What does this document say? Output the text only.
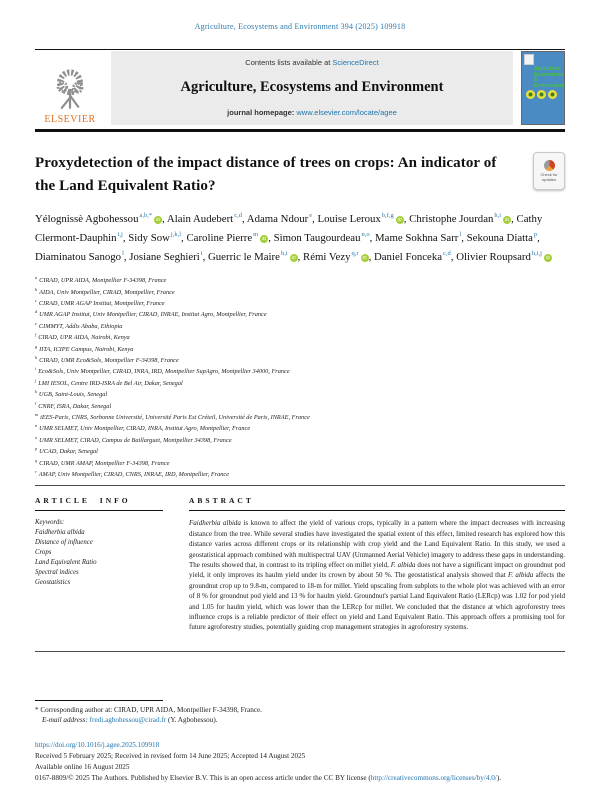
Agriculture, Ecosystems and Environment 394 (2025) 109918
ELSEVIER
Contents lists available at ScienceDirect
Agriculture, Ecosystems and Environment
journal homepage: www.elsevier.com/locate/agee
Agriculture Ecosystems & Environment
Proxydetection of the impact distance of trees on crops: An indicator of the Land Equivalent Ratio?
Check for
updates
Yélognissè Agbohessou$^{a,b,*}$iD , Alain Audebert$^{c,d}$, Adama Ndour$^e$, Louise Leroux$^{b,f,g}$iD , Christophe Jourdan$^{h,i}$iD , Cathy Clermont-Dauphin$^{i,j}$, Sidy Sow$^{j,k,l}$, Caroline Pierre$^m$iD , Simon Taugourdeau$^{n,o}$, Mame Sokhna Sarr$^l$, Sekouna Diatta$^p$, Diaminatou Sanogo$^l$, Josiane Seghieri$^i$, Guerric le Maire$^{h,i}$iD , Rémi Vezy$^{q,r}$iD , Daniel Fonceka$^{c,d}$, Olivier Roupsard$^{h,i,j}$iD
$^a$ CIRAD, UPR AIDA, Montpellier F-34398, France
$^b$ AIDA, Univ Montpellier, CIRAD, Montpellier, France
$^c$ CIRAD, UMR AGAP Institut, Montpellier, France
$^d$ UMR AGAP Institut, Univ Montpellier, CIRAD, INRAE, Institut Agro, Montpellier, France
$^e$ CIMMYT, Addis Ababa, Ethiopia
$^f$ CIRAD, UPR AIDA, Nairobi, Kenya
$^g$ IITA, ICIPE Campus, Nairobi, Kenya
$^h$ CIRAD, UMR Eco&Sols, Montpellier F-34398, France
$^i$ Eco&Sols, Univ Montpellier, CIRAD, INRA, IRD, Montpellier SupAgro, Montpellier 34000, France
$^j$ LMI IESOL, Centre IRD-ISRA de Bel Air, Dakar, Senegal
$^k$ UGB, Saint-Louis, Senegal
$^l$ CNRF, ISRA, Dakar, Senegal
$^m$ iEES-Paris, CNRS, Sorbonne Université, Université Paris Est Créteil, Université de Paris, INRAE, France
$^n$ UMR SELMET, Univ Montpellier, CIRAD, INRA, Institut Agro, Montpellier, France
$^o$ UMR SELMET, CIRAD, Campus de Baillarguet, Montpellier 34398, France
$^p$ UCAD, Dakar, Senegal
$^q$ CIRAD, UMR AMAP, Montpellier F-34398, France
$^r$ AMAP, Univ Montpellier, CIRAD, CNRS, INRAE, IRD, Montpellier, France
ARTICLE INFO
Keywords:
Faidherbia albida
Distance of influence
Crops
Land Equivalent Ratio
Spectral indices
Geostatistics
ABSTRACT

Faidherbia albida is known to affect the yield of various crops, typically in a pattern where the impact decreases with increasing distance from the tree. While several studies have investigated the spatial extent of this effect, limited research has explored how this distance varies across different crops or its relationship with crop yield and the Land Equivalent Ratio. In this study, we used a geostatistical approach combined with multispectral UAV (Unmanned Aerial Vehicle) imagery to address these gaps in understanding. The results showed that, in contrast to its tripling effect on millet yield, F. albida does not have a significant impact on groundnut pod yield, it only improves its haulm yield under its crown by about 50 %. The geostatistical analysis showed that F. albida affects the groundnut crop up to 9.8-m, compared to 18-m for millet. Yield upscaling from subplots to the whole plot was achieved with an error of 8 % for groundnut pod yield and 13 % for haulm yield. Groundnut's partial Land Equivalent Ratio (LERcp) was 1.02 for pod yield and 1.05 for haulm yield, which was lower than the LERcp for millet. We concluded that the distance at which agroforestry trees influence crops is a reliable predictor of their effect on yield and Land Equivalent Ratio. This approach offers a promising tool for future agroforestry studies, potentially guiding crop management strategies in agroforestry systems.

* Corresponding author at: CIRAD, UPR AIDA, Montpellier F-34398, France.
E-mail address: fredi.agbohessou@cirad.fr (Y. Agbohessou).
https://doi.org/10.1016/j.agee.2025.109918
Received 5 February 2025; Received in revised form 14 June 2025; Accepted 14 August 2025
Available online 16 August 2025
0167-8809/© 2025 The Authors. Published by Elsevier B.V. This is an open access article under the CC BY license (http://creativecommons.org/licenses/by/4.0/).
